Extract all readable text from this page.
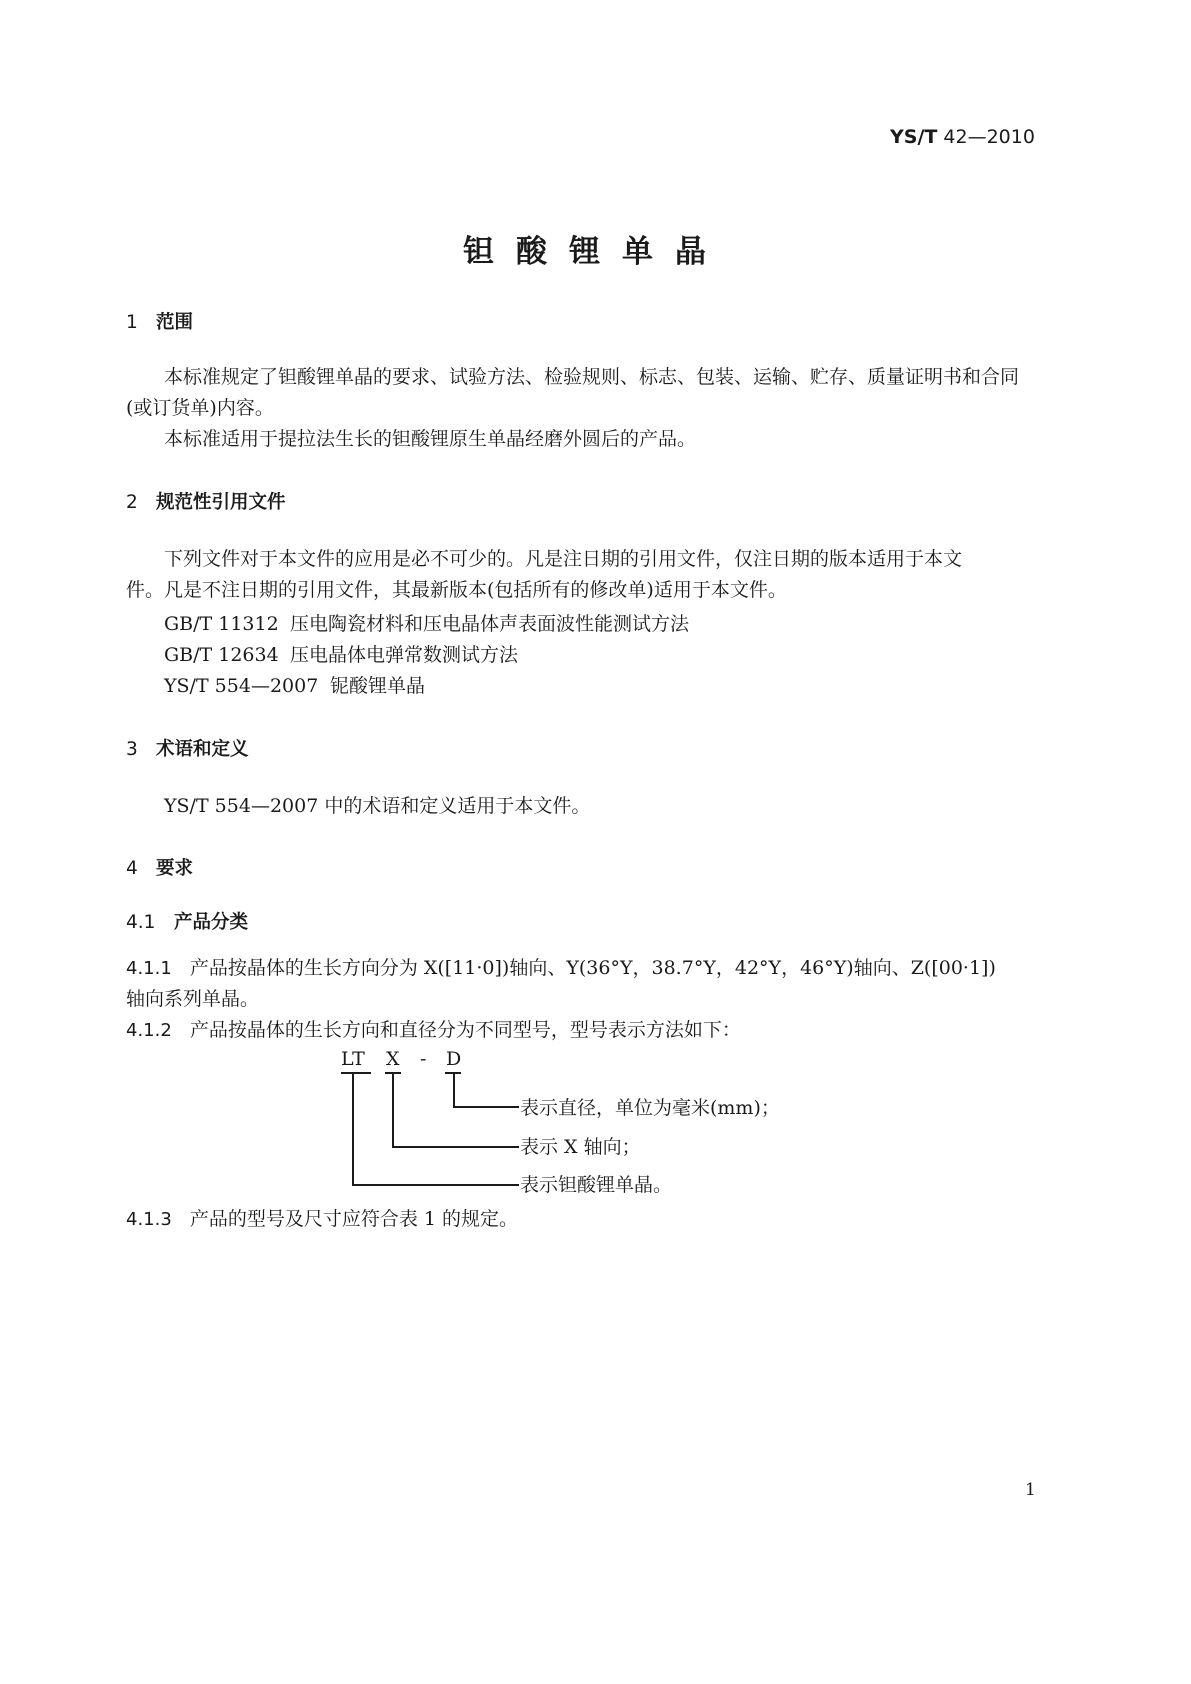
YS/T 42—2010
钽酸锂单晶
1 范围
本标准规定了钽酸锂单晶的要求、试验方法、检验规则、标志、包装、运输、贮存、质量证明书和合同
(或订货单)内容。
本标准适用于提拉法生长的钽酸锂原生单晶经磨外圆后的产品。
2 规范性引用文件
下列文件对于本文件的应用是必不可少的。凡是注日期的引用文件，仅注日期的版本适用于本文
件。凡是不注日期的引用文件，其最新版本(包括所有的修改单)适用于本文件。
GB/T 11312 压电陶瓷材料和压电晶体声表面波性能测试方法
GB/T 12634 压电晶体电弹常数测试方法
YS/T 554—2007 铌酸锂单晶
3 术语和定义
YS/T 554—2007 中的术语和定义适用于本文件。
4 要求
4.1 产品分类
4.1.1 产品按晶体的生长方向分为 X([11·0])轴向、Y(36°Y，38.7°Y，42°Y，46°Y)轴向、Z([00·1])
轴向系列单晶。
4.1.2 产品按晶体的生长方向和直径分为不同型号，型号表示方法如下：
LT X - D
表示直径，单位为毫米(mm)；
表示 X 轴向；
表示钽酸锂单晶。
4.1.3 产品的型号及尺寸应符合表 1 的规定。
1
